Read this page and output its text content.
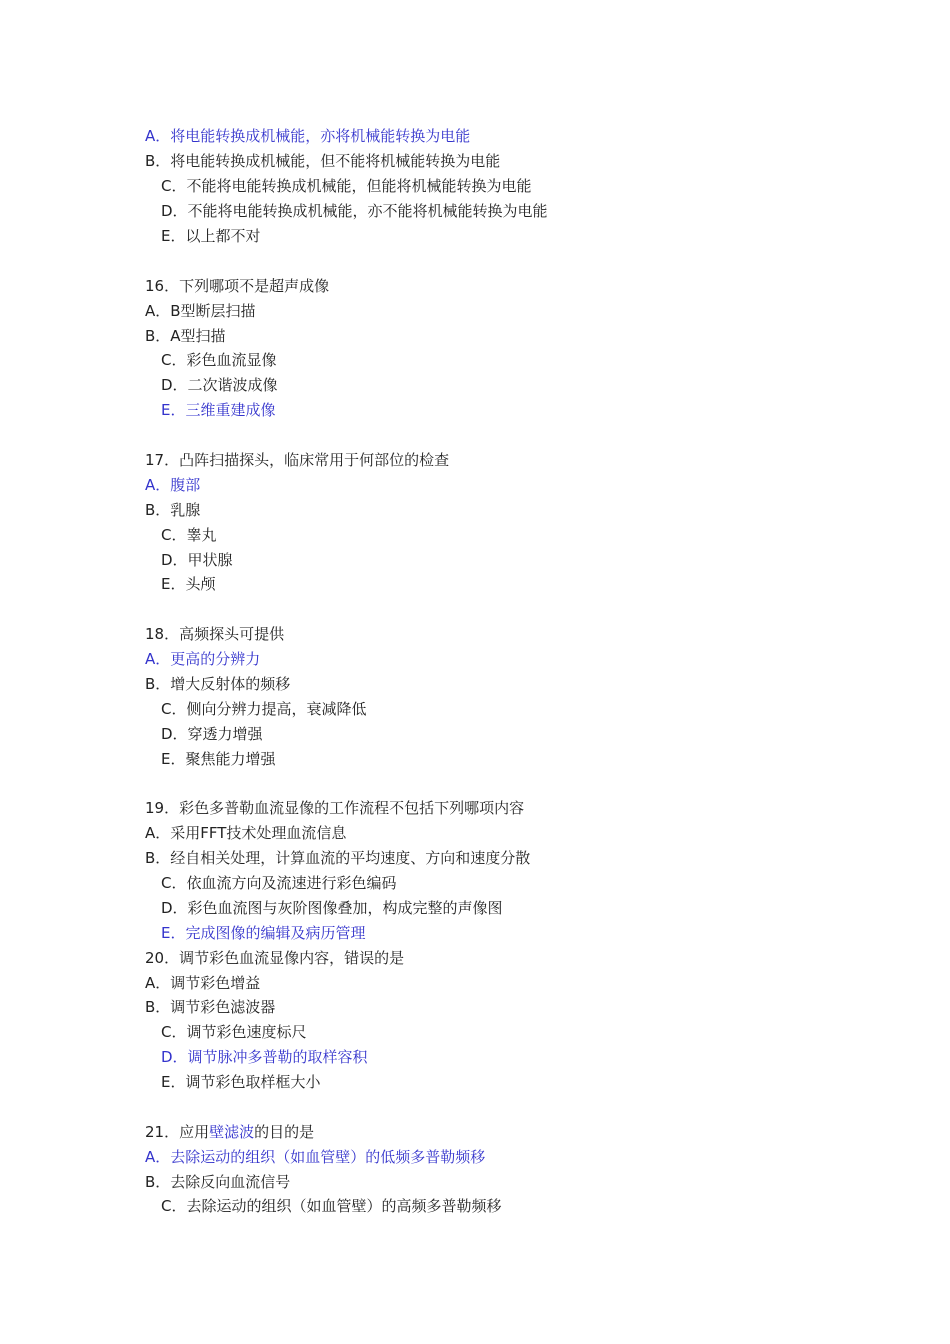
A．将电能转换成机械能，亦将机械能转换为电能
B．将电能转换成机械能，但不能将机械能转换为电能
C．不能将电能转换成机械能，但能将机械能转换为电能
D．不能将电能转换成机械能，亦不能将机械能转换为电能
E．以上都不对
16．下列哪项不是超声成像
A．B型断层扫描
B．A型扫描
C．彩色血流显像
D．二次谐波成像
E．三维重建成像
17．凸阵扫描探头，临床常用于何部位的检查
A．腹部
B．乳腺
C．睾丸
D．甲状腺
E．头颅
18．高频探头可提供
A．更高的分辨力
B．增大反射体的频移
C．侧向分辨力提高，衰减降低
D．穿透力增强
E．聚焦能力增强
19．彩色多普勒血流显像的工作流程不包括下列哪项内容
A．采用FFT技术处理血流信息
B．经自相关处理，计算血流的平均速度、方向和速度分散
C．依血流方向及流速进行彩色编码
D．彩色血流图与灰阶图像叠加，构成完整的声像图
E．完成图像的编辑及病历管理
20．调节彩色血流显像内容，错误的是
A．调节彩色增益
B．调节彩色滤波器
C．调节彩色速度标尺
D．调节脉冲多普勒的取样容积
E．调节彩色取样框大小
21．应用壁滤波的目的是
A．去除运动的组织（如血管壁）的低频多普勒频移
B．去除反向血流信号
C．去除运动的组织（如血管壁）的高频多普勒频移
